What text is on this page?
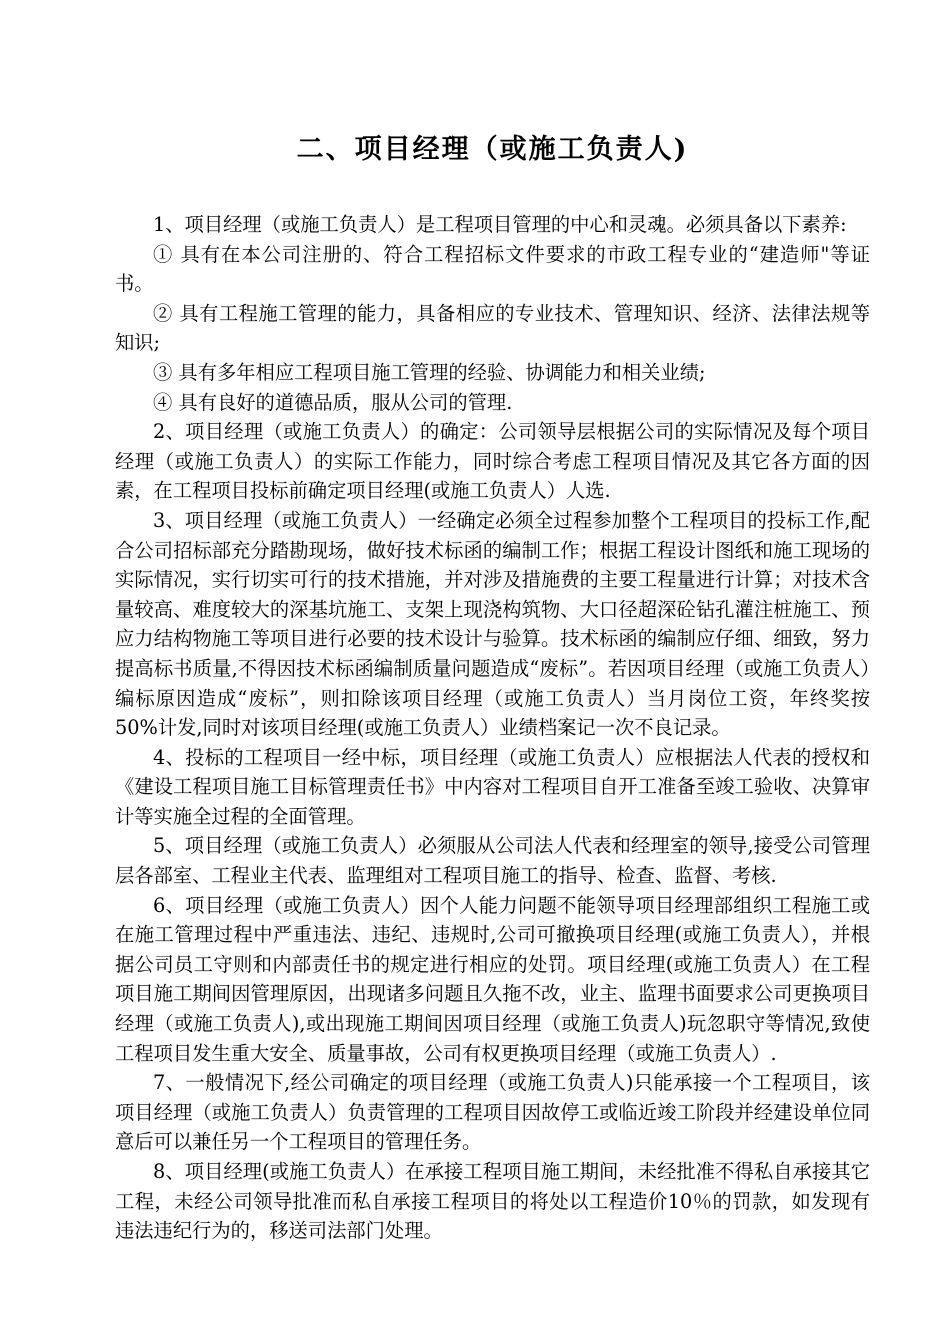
二、项目经理（或施工负责人)

1、项目经理（或施工负责人）是工程项目管理的中心和灵魂。必须具备以下素养:

① 具有在本公司注册的、符合工程招标文件要求的市政工程专业的“建造师"等证书。

② 具有工程施工管理的能力，具备相应的专业技术、管理知识、经济、法律法规等知识;

③ 具有多年相应工程项目施工管理的经验、协调能力和相关业绩;

④ 具有良好的道德品质，服从公司的管理.

2、项目经理（或施工负责人）的确定：公司领导层根据公司的实际情况及每个项目经理（或施工负责人）的实际工作能力，同时综合考虑工程项目情况及其它各方面的因素，在工程项目投标前确定项目经理(或施工负责人）人选.

3、项目经理（或施工负责人）一经确定必须全过程参加整个工程项目的投标工作,配合公司招标部充分踏勘现场，做好技术标函的编制工作；根据工程设计图纸和施工现场的实际情况，实行切实可行的技术措施，并对涉及措施费的主要工程量进行计算；对技术含量较高、难度较大的深基坑施工、支架上现浇构筑物、大口径超深砼钻孔灌注桩施工、预应力结构物施工等项目进行必要的技术设计与验算。技术标函的编制应仔细、细致，努力提高标书质量,不得因技术标函编制质量问题造成“废标”。若因项目经理（或施工负责人）编标原因造成“废标”，则扣除该项目经理（或施工负责人）当月岗位工资，年终奖按50%计发,同时对该项目经理(或施工负责人）业绩档案记一次不良记录。

4、投标的工程项目一经中标，项目经理（或施工负责人）应根据法人代表的授权和《建设工程项目施工目标管理责任书》中内容对工程项目自开工准备至竣工验收、决算审计等实施全过程的全面管理。

5、项目经理（或施工负责人）必须服从公司法人代表和经理室的领导,接受公司管理层各部室、工程业主代表、监理组对工程项目施工的指导、检查、监督、考核.

6、项目经理（或施工负责人）因个人能力问题不能领导项目经理部组织工程施工或在施工管理过程中严重违法、违纪、违规时,公司可撤换项目经理(或施工负责人），并根据公司员工守则和内部责任书的规定进行相应的处罚。项目经理(或施工负责人）在工程项目施工期间因管理原因，出现诸多问题且久拖不改，业主、监理书面要求公司更换项目经理（或施工负责人),或出现施工期间因项目经理（或施工负责人)玩忽职守等情况,致使工程项目发生重大安全、质量事故，公司有权更换项目经理（或施工负责人）.

7、一般情况下,经公司确定的项目经理（或施工负责人)只能承接一个工程项目，该项目经理（或施工负责人）负责管理的工程项目因故停工或临近竣工阶段并经建设单位同意后可以兼任另一个工程项目的管理任务。

8、项目经理(或施工负责人）在承接工程项目施工期间，未经批准不得私自承接其它工程，未经公司领导批准而私自承接工程项目的将处以工程造价10％的罚款，如发现有违法违纪行为的，移送司法部门处理。
